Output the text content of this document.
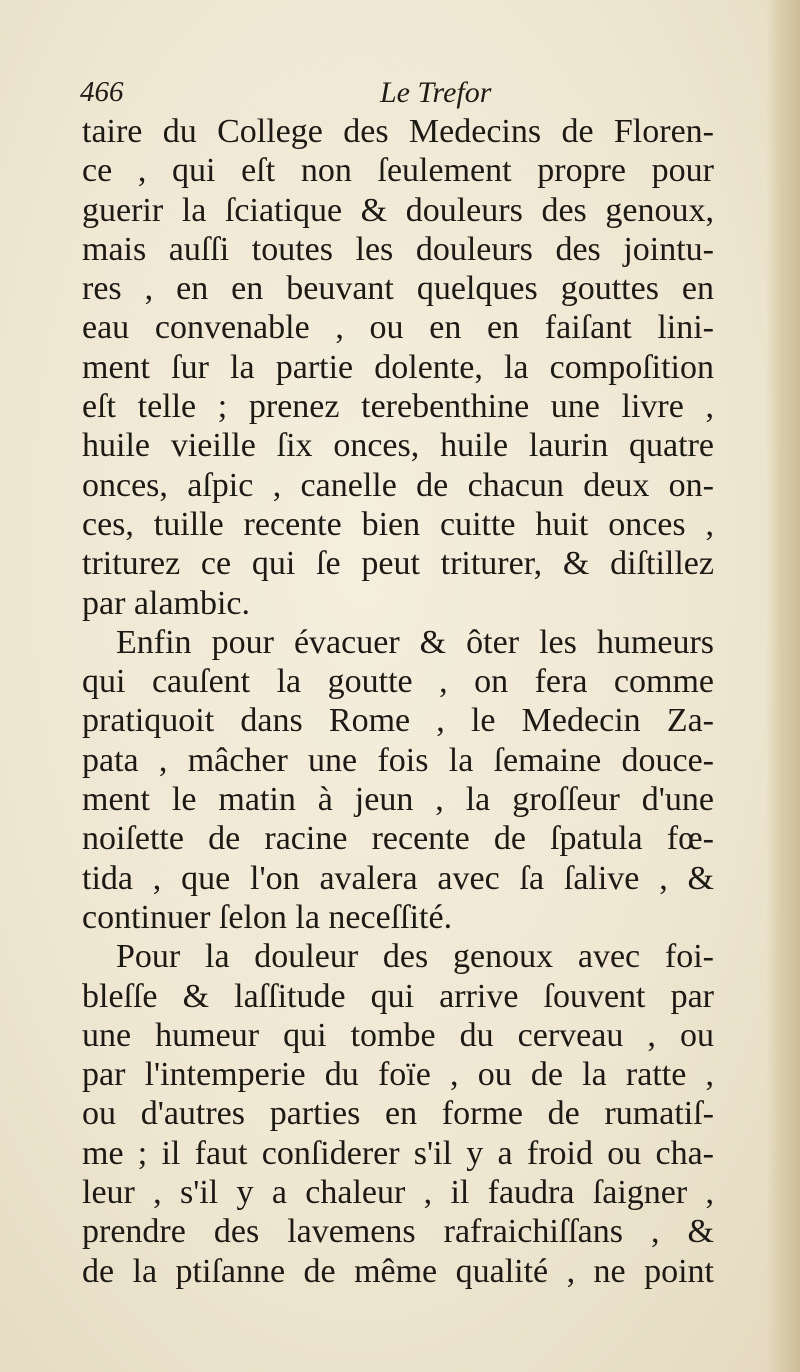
466	Le Trefor
taire du College des Medecins de Floren-
ce , qui eſt non ſeulement propre pour
guerir la ſciatique & douleurs des genoux,
mais auſſi toutes les douleurs des jointu-
res , en en beuvant quelques gouttes en
eau convenable , ou en en faiſant lini-
ment ſur la partie dolente, la compoſition
eſt telle ; prenez terebenthine une livre ,
huile vieille ſix onces, huile laurin quatre
onces, aſpic , canelle de chacun deux on-
ces, tuille recente bien cuitte huit onces ,
triturez ce qui ſe peut triturer, & diſtillez
par alambic.
Enfin pour évacuer & ôter les humeurs
qui cauſent la goutte , on fera comme
pratiquoit dans Rome , le Medecin Za-
pata , mâcher une fois la ſemaine douce-
ment le matin à jeun , la groſſeur d'une
noiſette de racine recente de ſpatula fœ-
tida , que l'on avalera avec ſa ſalive , &
continuer ſelon la neceſſité.
Pour la douleur des genoux avec foi-
bleſſe & laſſitude qui arrive ſouvent par
une humeur qui tombe du cerveau , ou
par l'intemperie du foïe , ou de la ratte ,
ou d'autres parties en forme de rumatiſ-
me ; il faut conſiderer s'il y a froid ou cha-
leur , s'il y a chaleur , il faudra ſaigner ,
prendre des lavemens rafraichiſſans , &
de la ptiſanne de même qualité , ne point
